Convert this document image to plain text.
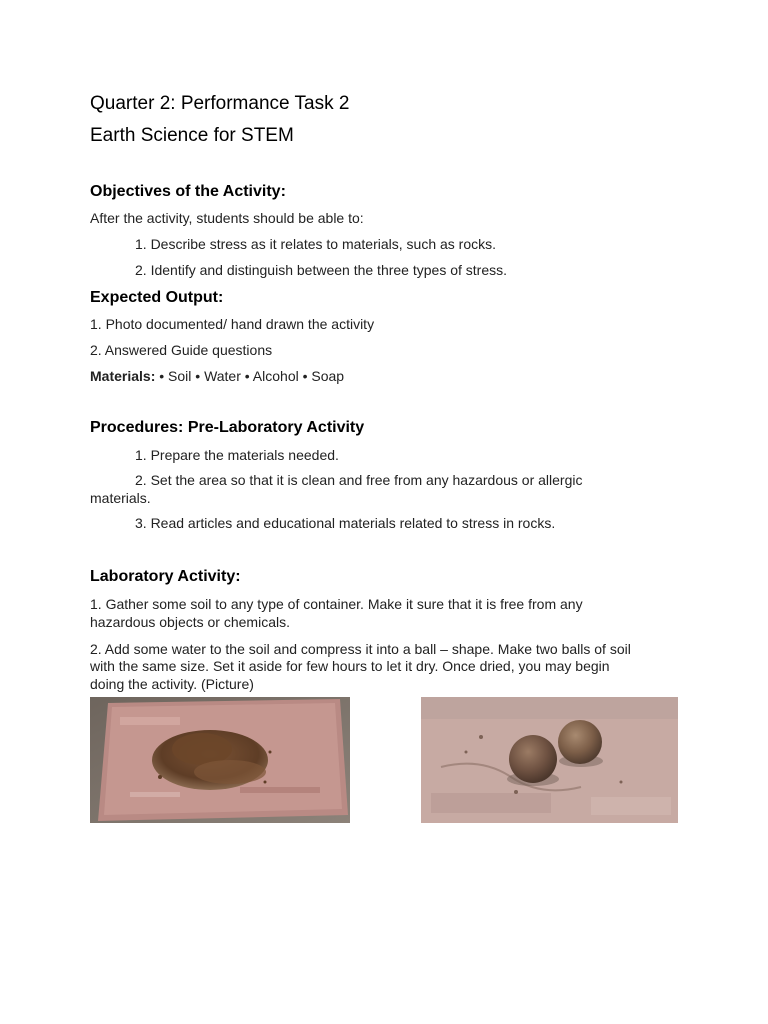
Quarter 2: Performance Task 2

Earth Science for STEM

Objectives of the Activity:

After the activity, students should be able to:

1. Describe stress as it relates to materials, such as rocks.

2. Identify and distinguish between the three types of stress.

Expected Output:

1. Photo documented/ hand drawn the activity

2. Answered Guide questions

Materials: • Soil • Water • Alcohol • Soap

Procedures: Pre-Laboratory Activity

1. Prepare the materials needed.

2. Set the area so that it is clean and free from any hazardous or allergic

materials.

3. Read articles and educational materials related to stress in rocks.

Laboratory Activity:

1. Gather some soil to any type of container. Make it sure that it is free from any

hazardous objects or chemicals.

2. Add some water to the soil and compress it into a ball – shape. Make two balls of soil

with the same size. Set it aside for few hours to let it dry. Once dried, you may begin

doing the activity. (Picture)
